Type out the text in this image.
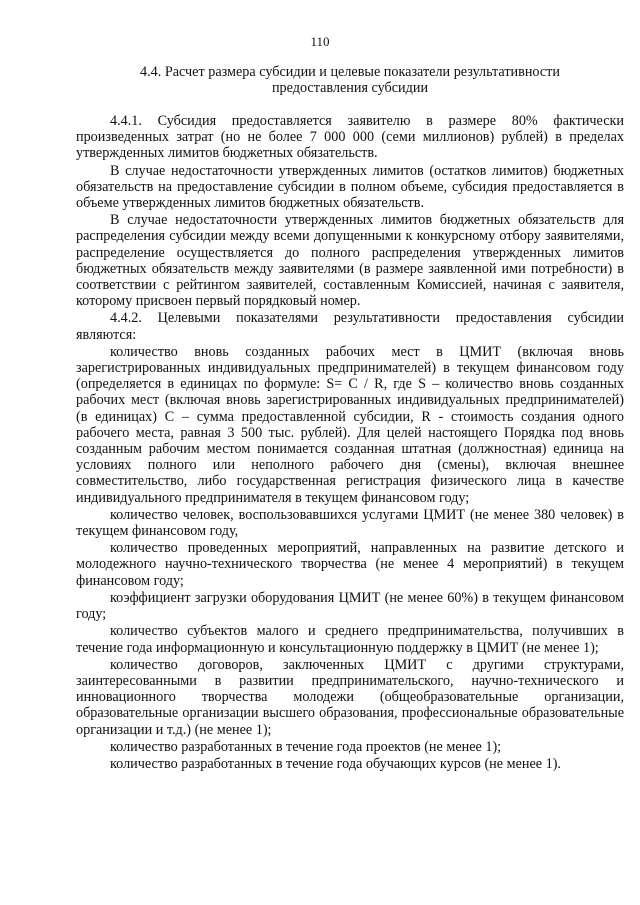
110
4.4. Расчет размера субсидии и целевые показатели результативности
предоставления субсидии

4.4.1. Субсидия предоставляется заявителю в размере 80% фактически произведенных затрат (но не более 7 000 000 (семи миллионов) рублей) в пределах утвержденных лимитов бюджетных обязательств.

В случае недостаточности утвержденных лимитов (остатков лимитов) бюджетных обязательств на предоставление субсидии в полном объеме, субсидия предоставляется в объеме утвержденных лимитов бюджетных обязательств.

В случае недостаточности утвержденных лимитов бюджетных обязательств для распределения субсидии между всеми допущенными к конкурсному отбору заявителями, распределение осуществляется до полного распределения утвержденных лимитов бюджетных обязательств между заявителями (в размере заявленной ими потребности) в соответствии с рейтингом заявителей, составленным Комиссией, начиная с заявителя, которому присвоен первый порядковый номер.

4.4.2. Целевыми показателями результативности предоставления субсидии являются:

количество вновь созданных рабочих мест в ЦМИТ (включая вновь зарегистрированных индивидуальных предпринимателей) в текущем финансовом году (определяется в единицах по формуле: S= С / R, где S – количество вновь созданных рабочих мест (включая вновь зарегистрированных индивидуальных предпринимателей) (в единицах) С – сумма предоставленной субсидии, R - стоимость создания одного рабочего места, равная 3 500 тыс. рублей). Для целей настоящего Порядка под вновь созданным рабочим местом понимается созданная штатная (должностная) единица на условиях полного или неполного рабочего дня (смены), включая внешнее совместительство, либо государственная регистрация физического лица в качестве индивидуального предпринимателя в текущем финансовом году;

количество человек, воспользовавшихся услугами ЦМИТ (не менее 380 человек) в текущем финансовом году,

количество проведенных мероприятий, направленных на развитие детского и молодежного научно-технического творчества (не менее 4 мероприятий) в текущем финансовом году;

коэффициент загрузки оборудования ЦМИТ (не менее 60%) в текущем финансовом году;

количество субъектов малого и среднего предпринимательства, получивших в течение года информационную и консультационную поддержку в ЦМИТ (не менее 1);

количество договоров, заключенных ЦМИТ с другими структурами, заинтересованными в развитии предпринимательского, научно-технического и инновационного творчества молодежи (общеобразовательные организации, образовательные организации высшего образования, профессиональные образовательные организации и т.д.) (не менее 1);

количество разработанных в течение года проектов (не менее 1);

количество разработанных в течение года обучающих курсов (не менее 1).
